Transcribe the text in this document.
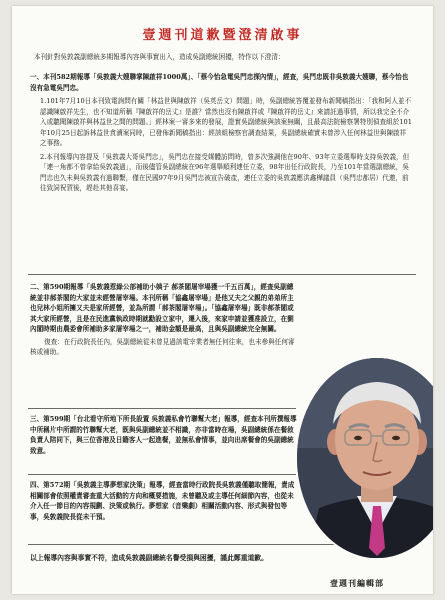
壹週刊道歉暨澄清啟事
本刊針對吳敦義副總統多期報導內容與事實出入，造成吳副總統困擾，特作以下澄清：

一、本刊582期報導「吳敦義大嫂聯掌陳啟祥1000萬」、「蔡今怡急電吳門忠探內情」，經查，吳門忠既非吳敦義大嫂聯，蔡今怡也沒有急電吳門忠。

1.101年7月10日本刊致電詢問有關「林益世與陳啟祥（吳英岳文）問題」時，吳副總統答覆並發布新聞稿指出：「我和阿人並不認識陳啟祥先生，也不知道所稱『陳啟祥的岳丈』是誰？當然也沒有陳啟祥或『陳啟祥的岳丈』來請託過事情，所以我完全不介入或聽聞陳啟祥與林益世之間的問題。」經林案一審多來的發展，證實吳副總統與該案無關，且最高法院檢察署特別偵查組於101年10月25日起訴林益世貪瀆案同時，已發佈新聞稿指出：經該組檢察官調查結果，吳副總統確實未曾涉入任何林益世與陳啟祥之事務。

2.本刊報導內容提及「吳敦義大哥吳門忠」，吳門忠在接受媒體訪問時，曾多次強調他在90年、93年立委選舉時支持吳敦義，但「連一角都不曾拿給吳敦義過」，而後儘管吳副總統在96年選舉順利連任立委，98年出任行政院長，乃至101年當選副總統，吳門忠也久未與吳敦義有過聯繫，僅在民國97年9月吳門忠被宣告破產，連任立委的吳敦義應洪鑫樺議員（吳門忠都居）代邀，前往致詞祝賀後，趕赴其他喜宴。

二、第590期報導「吳敦義惹綠公部補助小姨子 郝茶閣屠宰場獲一千五百萬」，經查吳副總統並非郝茶閣的大家並未經營屠宰場。本刊所稱「協鑫屠宰場」是他又夫之父親的弟弟所主也兒林小姐所擁又夫是家所經營，並為所謂「郝茶閣屠宰場」。「協鑫屠宰場」既非郝茶閣或其大家所經營，且是在民進黨執政時期就勸設立家中，遷入後，來家申請並獲准設立，在劉內閣時期由農委會所補助多家屠宰場之一，補助金額是最高，且與吳副總統完全無關。

復查：在行政院長任內，吳副總統從未曾見過該電宰業者無任何往來，也未參與任何審核或補助。

三、第599期「台北看守所地下所長設置 吳敦義私會竹聯幫大老」報導，經查本刊所撰報導中所稱片中所謂的竹聯幫大老，既與吳副總統並不相識，亦非當時在場，吳副總統係在餐敘負責人陪同下，與三位香港及日籍客人一起進餐，並無私會情事，並向出席餐會的吳副總統致意。

四、第572期「吳敦義主導夢想家決策」報導，經查當時行政院長吳敦義僅聽取簡報，責成相關部會依照權責審查重大活動的方向和概要措施，未曾聽及或主導任何細節內容，也從未介入任一節目的內容規劃、決策或執行。夢想家（音樂劇）相關活動內容、形式與發包等事，吳敦義院長從未干預。

以上報導內容與事實不符，造成吳敦義副總統名譽受損與困擾，謹此鄭重道歉。
壹週刊編輯部
